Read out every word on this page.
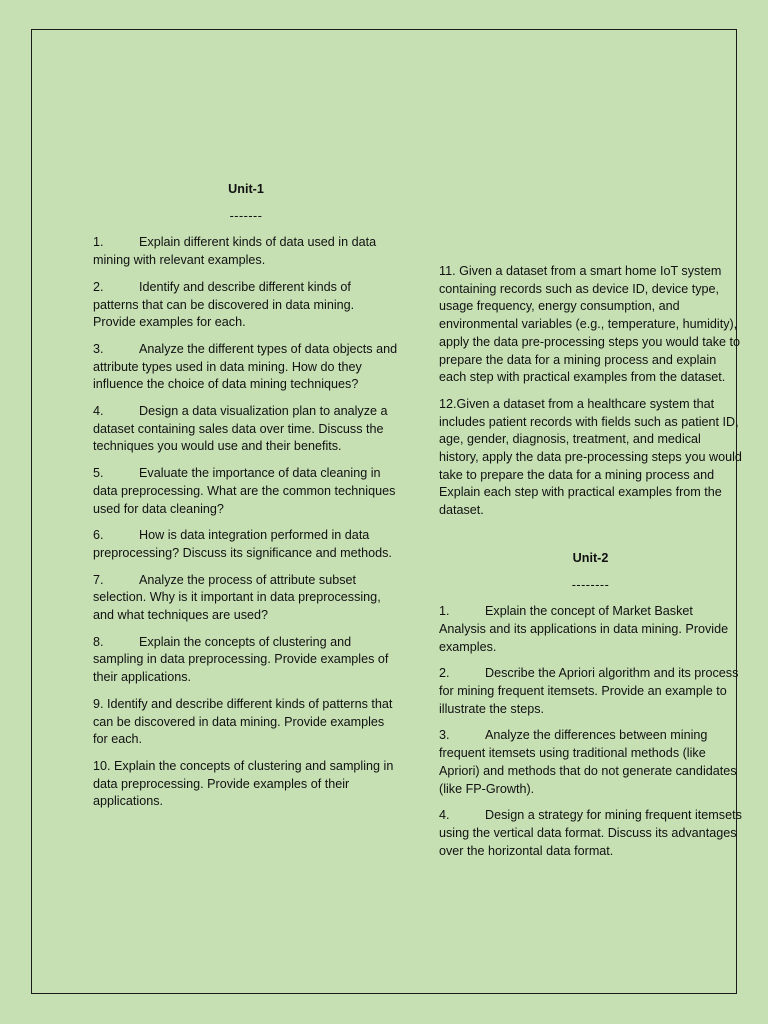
Unit-1

-------

1.	Explain different kinds of data used in data mining with relevant examples.

2.	Identify and describe different kinds of patterns that can be discovered in data mining. Provide examples for each.

3.	Analyze the different types of data objects and attribute types used in data mining. How do they influence the choice of data mining techniques?

4.	Design a data visualization plan to analyze a dataset containing sales data over time. Discuss the techniques you would use and their benefits.

5.	Evaluate the importance of data cleaning in data preprocessing. What are the common techniques used for data cleaning?

6.	How is data integration performed in data preprocessing? Discuss its significance and methods.

7.	Analyze the process of attribute subset selection. Why is it important in data preprocessing, and what techniques are used?

8.	Explain the concepts of clustering and sampling in data preprocessing. Provide examples of their applications.

9. Identify and describe different kinds of patterns that can be discovered in data mining. Provide examples for each.

10. Explain the concepts of clustering and sampling in data preprocessing. Provide examples of their applications.

11. Given a dataset from a smart home IoT system containing records such as device ID, device type, usage frequency, energy consumption, and environmental variables (e.g., temperature, humidity), apply the data pre-processing steps you would take to prepare the data for a mining process and explain each step with practical examples from the dataset.

12.Given a dataset from a healthcare system that includes patient records with fields such as patient ID, age, gender, diagnosis, treatment, and medical history, apply the data pre-processing steps you would take to prepare the data for a mining process and Explain each step with practical examples from the dataset.

Unit-2

--------

1.	Explain the concept of Market Basket Analysis and its applications in data mining. Provide examples.

2.	Describe the Apriori algorithm and its process for mining frequent itemsets. Provide an example to illustrate the steps.

3.	Analyze the differences between mining frequent itemsets using traditional methods (like Apriori) and methods that do not generate candidates (like FP-Growth).

4.	Design a strategy for mining frequent itemsets using the vertical data format. Discuss its advantages over the horizontal data format.
